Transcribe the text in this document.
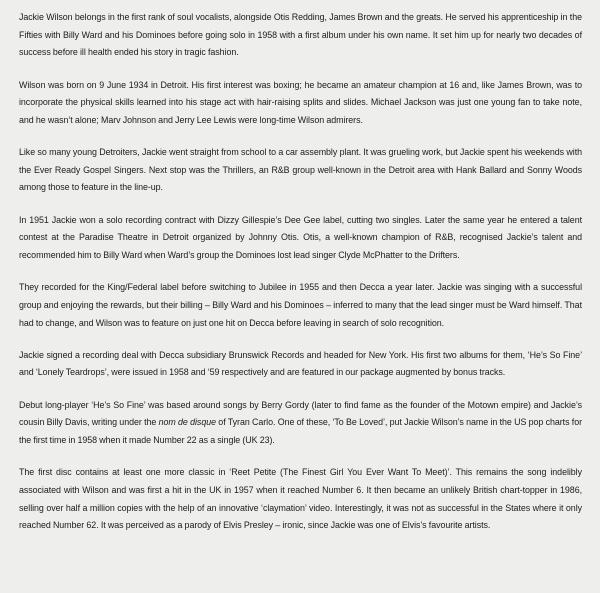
Jackie Wilson belongs in the first rank of soul vocalists, alongside Otis Redding, James Brown and the greats. He served his apprenticeship in the Fifties with Billy Ward and his Dominoes before going solo in 1958 with a first album under his own name. It set him up for nearly two decades of success before ill health ended his story in tragic fashion.

Wilson was born on 9 June 1934 in Detroit. His first interest was boxing; he became an amateur champion at 16 and, like James Brown, was to incorporate the physical skills learned into his stage act with hair-raising splits and slides. Michael Jackson was just one young fan to take note, and he wasn’t alone; Marv Johnson and Jerry Lee Lewis were long-time Wilson admirers.

Like so many young Detroiters, Jackie went straight from school to a car assembly plant. It was grueling work, but Jackie spent his weekends with the Ever Ready Gospel Singers. Next stop was the Thrillers, an R&B group well-known in the Detroit area with Hank Ballard and Sonny Woods among those to feature in the line-up.

In 1951 Jackie won a solo recording contract with Dizzy Gillespie’s Dee Gee label, cutting two singles. Later the same year he entered a talent contest at the Paradise Theatre in Detroit organized by Johnny Otis. Otis, a well-known champion of R&B, recognised Jackie’s talent and recommended him to Billy Ward when Ward’s group the Dominoes lost lead singer Clyde McPhatter to the Drifters.

They recorded for the King/Federal label before switching to Jubilee in 1955 and then Decca a year later. Jackie was singing with a successful group and enjoying the rewards, but their billing – Billy Ward and his Dominoes – inferred to many that the lead singer must be Ward himself. That had to change, and Wilson was to feature on just one hit on Decca before leaving in search of solo recognition.

Jackie signed a recording deal with Decca subsidiary Brunswick Records and headed for New York. His first two albums for them, ‘He’s So Fine’ and ‘Lonely Teardrops’, were issued in 1958 and ‘59 respectively and are featured in our package augmented by bonus tracks.

Debut long-player ‘He’s So Fine’ was based around songs by Berry Gordy (later to find fame as the founder of the Motown empire) and Jackie’s cousin Billy Davis, writing under the nom de disque of Tyran Carlo. One of these, ‘To Be Loved’, put Jackie Wilson’s name in the US pop charts for the first time in 1958 when it made Number 22 as a single (UK 23).

The first disc contains at least one more classic in ‘Reet Petite (The Finest Girl You Ever Want To Meet)’. This remains the song indelibly associated with Wilson and was first a hit in the UK in 1957 when it reached Number 6. It then became an unlikely British chart-topper in 1986, selling over half a million copies with the help of an innovative ‘claymation’ video. Interestingly, it was not as successful in the States where it only reached Number 62. It was perceived as a parody of Elvis Presley – ironic, since Jackie was one of Elvis’s favourite artists.
